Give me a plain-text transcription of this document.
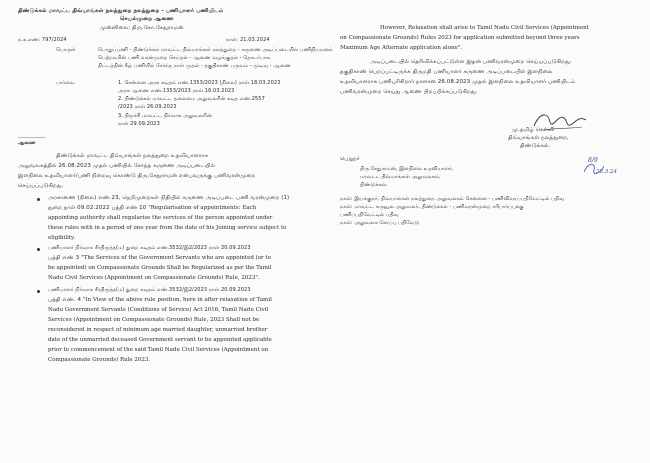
திண்டுக்கல் மாவட்ட திவ்யாங்கள் நலத்துறை நலத்துறை - பணியாளர் பணியிடம்
செயல்முறை ஆணை
முன்னிலை: திரு.கோ.சேதுராமன்
ந.க.எண்: 797/2024	நாள்: 21.03.2024
பொருள்	பொதுப்பணி - திண்டுக்கல் மாவட்ட திவ்யாங்கள் நலத்துறை - கருணை அடிப்படையில் பணிநியமனம்
பெற்றவரின் பணி வரன்முறை செய்தல் - ஆணை வழங்குதல் - தொடர்பாக.
திட்டத்தின் கீழ் பணியில் சேர்ந்த நாள் முதல் - தகுதிகாண் பருவம் - முடிவு - ஆணை
பார்வை	1. சென்னை அரசு கடிதம் எண்.1353/2023 (நிலை) நாள் 18.03.2023
அரசு ஆணை எண்.1353/2023 நாள் 16.03.2023
2. திண்டுக்கல் மாவட்ட தலைமை அலுவலரின் கடித எண்.2557
/2023 நாள் 26.09.2023
3. திருச்சி மாவட்ட நிர்வாக அலுவலரின்
நாள் 29.09.2023
ஆணை
திண்டுக்கல் மாவட்ட திவ்யாங்கள் நலத்துறை உதவியாளராக
அலுவலகத்தில் 26.08.2023 முதல் பணியில் சேர்ந்த கருணை அடிப்படையில்
இளநிலை உதவியாளர்/பணி நிறைவு கொண்டு திரு.சேதுராமன் என்பவருக்கு பணிவரன்முறை
செய்யப்படுகிறது.
அரசாணை (நிலை) எண்.23, நெறிமுறைகள் நிதியில் கருணை அடிப்படை பணி வரன்முறை (1)
துறை நாள் 09.02.2022 பத்தி எண் 10 "Regularisation of appointments: Each
appointing authority shall regularise the services of the person appointed under
these rules with in a period of one year from the date of his Joining service subject to
eligibility.
பணியாளர் நிர்வாக சீர்திருத்த(ம) துறை கடிதம் எண்.3532/இ2/2023 நாள் 20.09.2023
பத்தி எண் 3 "The Services of the Government Servants who are appointed (or to
be appointed) on Compassionate Grounds Shall be Regularized as per the Tamil
Nadu Civil Services (Appointment on Compassionate Grounds) Rule, 2023".
பணியாளர் நிர்வாக சீர்திருத்த(ம) துறை கடிதம் எண்.3532/இ2/2023 நாள் 20.09.2023
பத்தி எண். 4 "In View of the above rule position, here in after relaxation of Tamil
Nadu Government Servants (Conditions of Service) Act 2016, Tamil Nadu Civil
Services (Appointment on Compassionate Grounds) Rule, 2023 Shall not be
reconsidered in respect of minimum age married daughter, unmarried brother
date of the unmarried deceased Government servant to be appointed applicable
prior to commencement of the said Tamil Nadu Civil Services (Appointment on
Compassionate Grounds) Rule 2023.
However, Relaxation shall arise to Tamil Nadu Civil Services (Appointment
on Compassionate Grounds) Rules 2023 for application submitted beyond three years
Maximum Age Alternate application alone".
அடிப்படையில் தெரிவிக்கப்பட்டுள்ள இதன் பணிவரன்முறை செய்யப்படுகிறது.
தகுதிகாண் பெறப்பட்டிருக்க திருமதி பணியாளர் கருணை அடிப்படையில் இளநிலை
உதவியாளராக பணிபுரிகிறார் நாளான 26.08.2023 முதல் இளநிலை உதவியாளர் பணியிடம்
பணிவரன்முறை செய்து ஆணை பிறப்பிக்கப்படுகிறது.
மு.தமிழ் செல்வி
திவ்யாங்கள் நலத்துறை,
திண்டுக்கல்.
பெறுநர்
திரு.சேதுராமன், இளநிலை உதவியாளர்,
மாவட்ட திவ்யாங்கள் அலுவலகம்,
திண்டுக்கல்.
8/9
26.3.24
நகல்: இயக்குநர், திவ்யாங்கள் நலத்துறை அலுவலகம் சென்னை - பணிவிவரப்பதிவேட்டில் பதிவு
நகல்: மாவட்ட கருவூல அலுவலர், திண்டுக்கல் - பணிவரன்முறை சரிபார்ப்புக்கு
பணிப்பதிவேட்டில் பதிவு
நகல்: அலுவலக கோப்பு பதிவேடு
